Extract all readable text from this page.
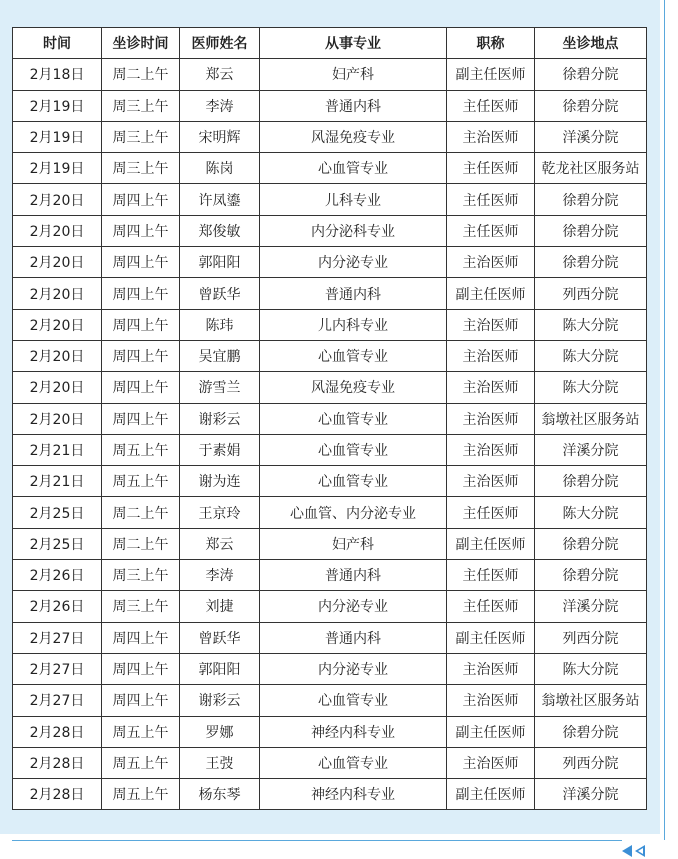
时间	坐诊时间	医师姓名	从事专业	职称	坐诊地点
2月18日	周二上午	郑云	妇产科	副主任医师	徐碧分院
2月19日	周三上午	李涛	普通内科	主任医师	徐碧分院
2月19日	周三上午	宋明辉	风湿免疫专业	主治医师	洋溪分院
2月19日	周三上午	陈岗	心血管专业	主任医师	乾龙社区服务站
2月20日	周四上午	许凤鎏	儿科专业	主任医师	徐碧分院
2月20日	周四上午	郑俊敏	内分泌科专业	主任医师	徐碧分院
2月20日	周四上午	郭阳阳	内分泌专业	主治医师	徐碧分院
2月20日	周四上午	曾跃华	普通内科	副主任医师	列西分院
2月20日	周四上午	陈玮	儿内科专业	主治医师	陈大分院
2月20日	周四上午	吴宜鹏	心血管专业	主治医师	陈大分院
2月20日	周四上午	游雪兰	风湿免疫专业	主治医师	陈大分院
2月20日	周四上午	谢彩云	心血管专业	主治医师	翁墩社区服务站
2月21日	周五上午	于素娟	心血管专业	主治医师	洋溪分院
2月21日	周五上午	谢为连	心血管专业	主治医师	徐碧分院
2月25日	周二上午	王京玲	心血管、内分泌专业	主任医师	陈大分院
2月25日	周二上午	郑云	妇产科	副主任医师	徐碧分院
2月26日	周三上午	李涛	普通内科	主任医师	徐碧分院
2月26日	周三上午	刘捷	内分泌专业	主任医师	洋溪分院
2月27日	周四上午	曾跃华	普通内科	副主任医师	列西分院
2月27日	周四上午	郭阳阳	内分泌专业	主治医师	陈大分院
2月27日	周四上午	谢彩云	心血管专业	主治医师	翁墩社区服务站
2月28日	周五上午	罗娜	神经内科专业	副主任医师	徐碧分院
2月28日	周五上午	王弢	心血管专业	主治医师	列西分院
2月28日	周五上午	杨东琴	神经内科专业	副主任医师	洋溪分院
